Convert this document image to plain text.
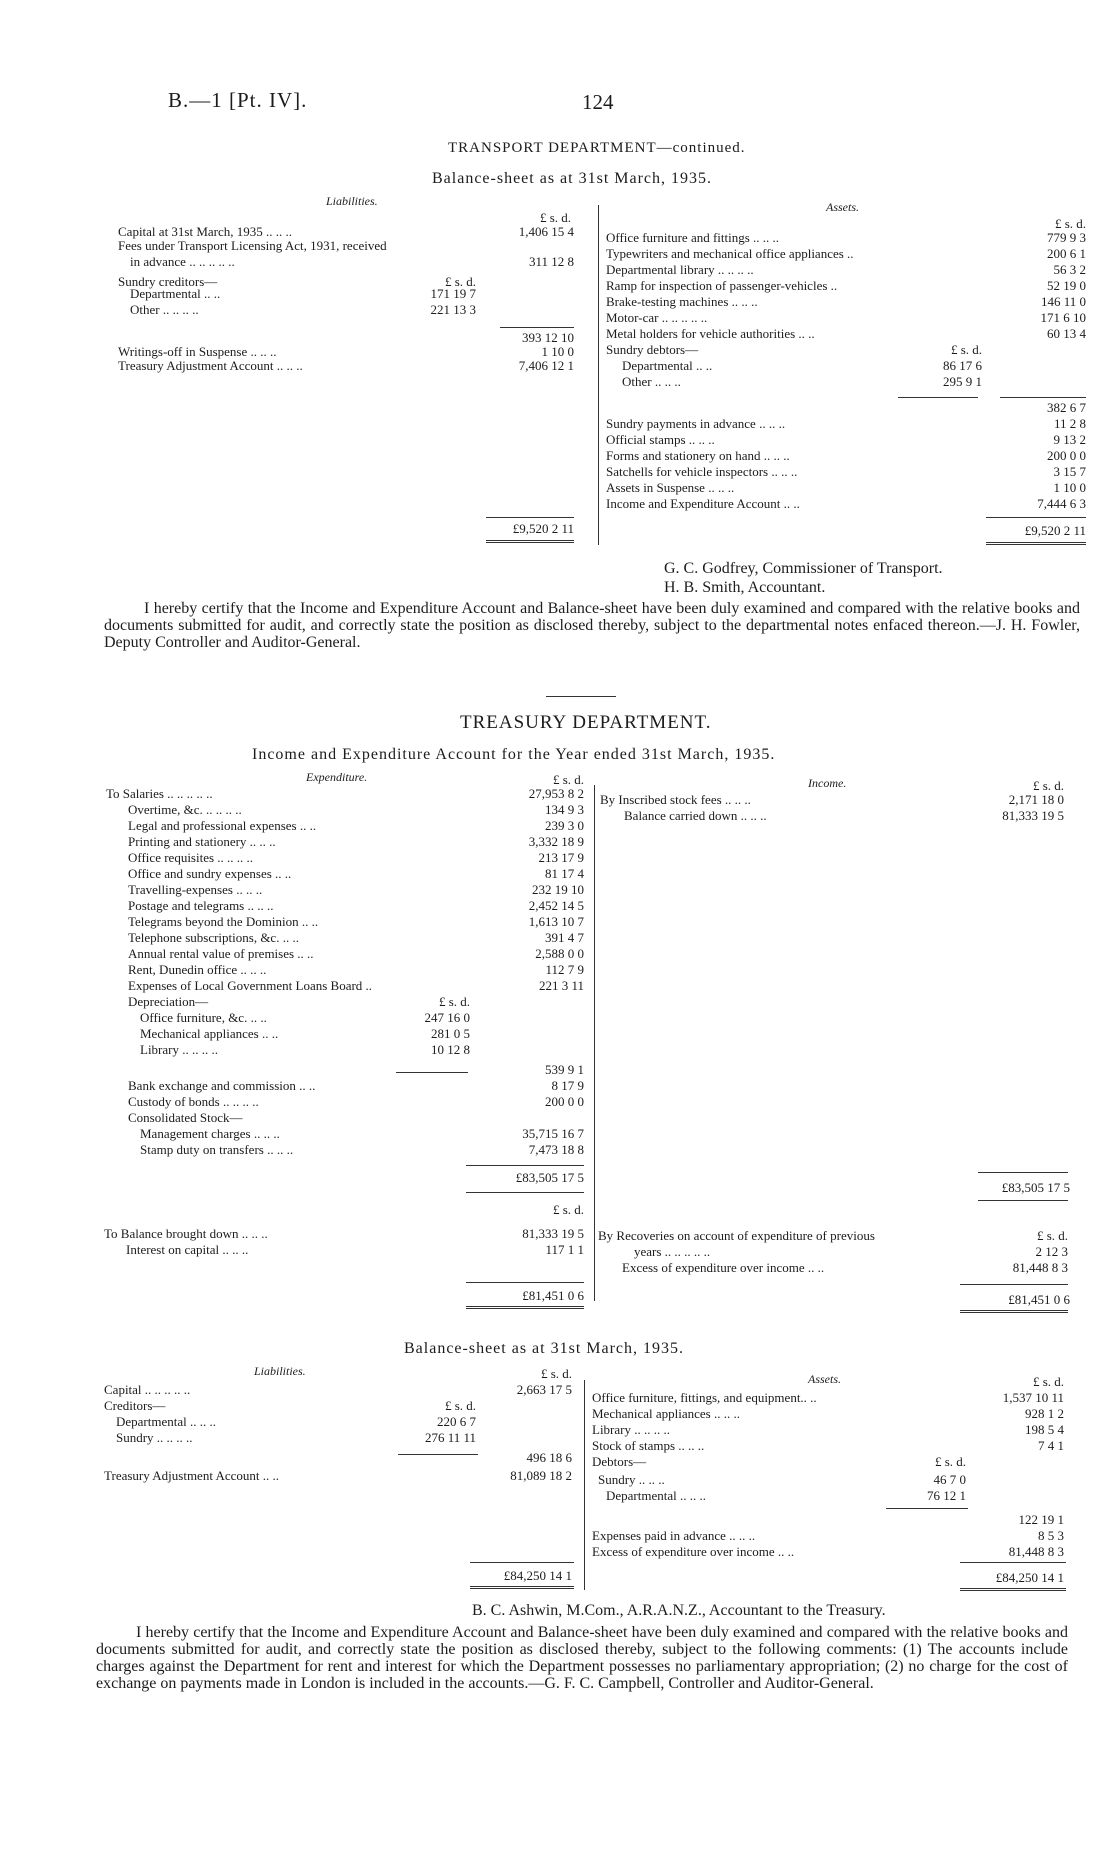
B.—1 [Pt. IV].	124
TRANSPORT DEPARTMENT—continued.
Balance-sheet as at 31st March, 1935.
Liabilities.	Assets.
£ s. d.	£ s. d.
£ s. d.
Capital at 31st March, 1935 .. .. ..	1,406 15 4
Fees under Transport Licensing Act, 1931, received
in advance .. .. .. .. ..	311 12 8
Sundry creditors—
Departmental .. ..	171 19 7
Other .. .. .. ..	221 13 3
393 12 10
Writings-off in Suspense .. .. ..	1 10 0
Treasury Adjustment Account .. .. ..	7,406 12 1
Office furniture and fittings .. .. ..	779 9 3
Typewriters and mechanical office appliances ..	200 6 1
Departmental library .. .. .. ..	56 3 2
Ramp for inspection of passenger-vehicles ..	52 19 0
Brake-testing machines .. .. ..	146 11 0
Motor-car .. .. .. .. ..	171 6 10
Metal holders for vehicle authorities .. ..	60 13 4
Sundry debtors—	£ s. d.
Departmental .. ..	86 17 6
Other .. .. ..	295 9 1
382 6 7
Sundry payments in advance .. .. ..	11 2 8
Official stamps .. .. ..	9 13 2
Forms and stationery on hand .. .. ..	200 0 0
Satchells for vehicle inspectors .. .. ..	3 15 7
Assets in Suspense .. .. ..	1 10 0
Income and Expenditure Account .. ..	7,444 6 3
£9,520 2 11	£9,520 2 11
G. C. Godfrey, Commissioner of Transport.
H. B. Smith, Accountant.
I hereby certify that the Income and Expenditure Account and Balance-sheet have been duly examined and compared with the relative books and documents submitted for audit, and correctly state the position as disclosed thereby, subject to the departmental notes enfaced thereon.—J. H. Fowler, Deputy Controller and Auditor-General.
TREASURY DEPARTMENT.
Income and Expenditure Account for the Year ended 31st March, 1935.
Expenditure.	Income.
£ s. d.	£ s. d.
To Salaries .. .. .. .. ..	27,953 8 2
Overtime, &c. .. .. .. ..	134 9 3
Legal and professional expenses .. ..	239 3 0
Printing and stationery .. .. ..	3,332 18 9
Office requisites .. .. .. ..	213 17 9
Office and sundry expenses .. ..	81 17 4
Travelling-expenses .. .. ..	232 19 10
Postage and telegrams .. .. ..	2,452 14 5
Telegrams beyond the Dominion .. ..	1,613 10 7
Telephone subscriptions, &c. .. ..	391 4 7
Annual rental value of premises .. ..	2,588 0 0
Rent, Dunedin office .. .. ..	112 7 9
Expenses of Local Government Loans Board ..	221 3 11
Depreciation—	£ s. d.
Office furniture, &c. .. ..	247 16 0
Mechanical appliances .. ..	281 0 5
Library .. .. .. ..	10 12 8
539 9 1
Bank exchange and commission .. ..	8 17 9
Custody of bonds .. .. .. ..	200 0 0
Consolidated Stock—
Management charges .. .. ..	35,715 16 7
Stamp duty on transfers .. .. ..	7,473 18 8
By Inscribed stock fees .. .. ..	2,171 18 0
Balance carried down .. .. ..	81,333 19 5
£83,505 17 5
£83,505 17 5
£ s. d.
£ s. d.
To Balance brought down .. .. ..	81,333 19 5
Interest on capital .. .. ..	117 1 1
By Recoveries on account of expenditure of previous
years .. .. .. .. ..	2 12 3
Excess of expenditure over income .. ..	81,448 8 3
£81,451 0 6	£81,451 0 6
Balance-sheet as at 31st March, 1935.
Liabilities.
Assets.
£ s. d.
£ s. d.
Capital .. .. .. .. ..	2,663 17 5
Creditors—	£ s. d.
Departmental .. .. ..	220 6 7
Sundry .. .. .. ..	276 11 11
496 18 6
Treasury Adjustment Account .. ..	81,089 18 2
Office furniture, fittings, and equipment.. ..	1,537 10 11
Mechanical appliances .. .. ..	928 1 2
Library .. .. .. ..	198 5 4
Stock of stamps .. .. ..	7 4 1
Debtors—	£ s. d.
Sundry .. .. ..	46 7 0
Departmental .. .. ..	76 12 1
122 19 1
Expenses paid in advance .. .. ..	8 5 3
Excess of expenditure over income .. ..	81,448 8 3
£84,250 14 1	£84,250 14 1
B. C. Ashwin, M.Com., A.R.A.N.Z., Accountant to the Treasury.
I hereby certify that the Income and Expenditure Account and Balance-sheet have been duly examined and compared with the relative books and documents submitted for audit, and correctly state the position as disclosed thereby, subject to the following comments: (1) The accounts include charges against the Department for rent and interest for which the Department possesses no parliamentary appropriation; (2) no charge for the cost of exchange on payments made in London is included in the accounts.—G. F. C. Campbell, Controller and Auditor-General.
